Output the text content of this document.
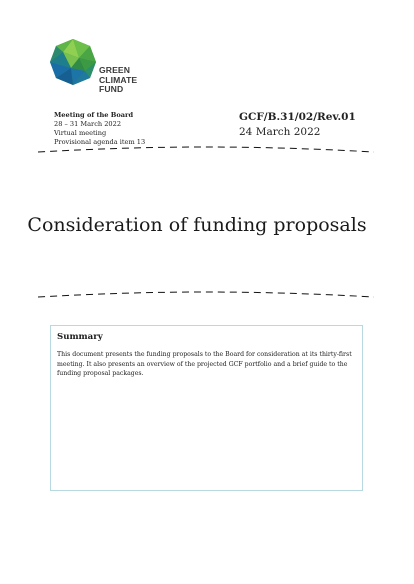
GREEN
CLIMATE
FUND
Meeting of the Board
28 – 31 March 2022
Virtual meeting
Provisional agenda item 13
GCF/B.31/02/Rev.01
24 March 2022
Consideration of funding proposals
Summary
This document presents the funding proposals to the Board for consideration at its thirty-first meeting. It also presents an overview of the projected GCF portfolio and a brief guide to the funding proposal packages.
